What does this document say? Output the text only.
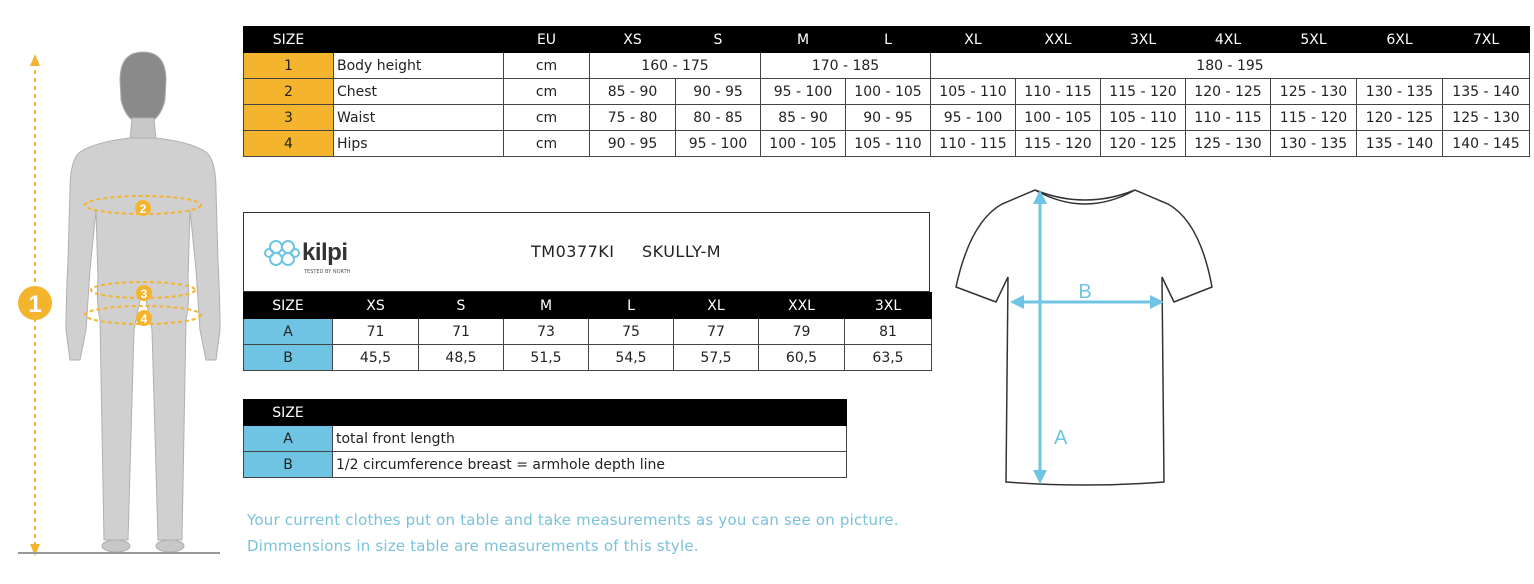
1
2
3
4
SIZE		EU	XS	S	M	L	XL	XXL	3XL	4XL	5XL	6XL	7XL
1	Body height	cm	160 - 175		170 - 185		180 - 195						
2	Chest	cm	85 - 90	90 - 95	95 - 100	100 - 105	105 - 110	110 - 115	115 - 120	120 - 125	125 - 130	130 - 135	135 - 140
3	Waist	cm	75 - 80	80 - 85	85 - 90	90 - 95	95 - 100	100 - 105	105 - 110	110 - 115	115 - 120	120 - 125	125 - 130
4	Hips	cm	90 - 95	95 - 100	100 - 105	105 - 110	110 - 115	115 - 120	120 - 125	125 - 130	130 - 135	135 - 140	140 - 145
kilpi
TESTED BY NORTH
TM0377KI SKULLY-M
SIZE	XS	S	M	L	XL	XXL	3XL
A	71	71	73	75	77	79	81
B	45,5	48,5	51,5	54,5	57,5	60,5	63,5
SIZE	
A	total front length
B	1/2 circumference breast = armhole depth line
Your current clothes put on table and take measurements as you can see on picture.
Dimmensions in size table are measurements of this style.
B
A
